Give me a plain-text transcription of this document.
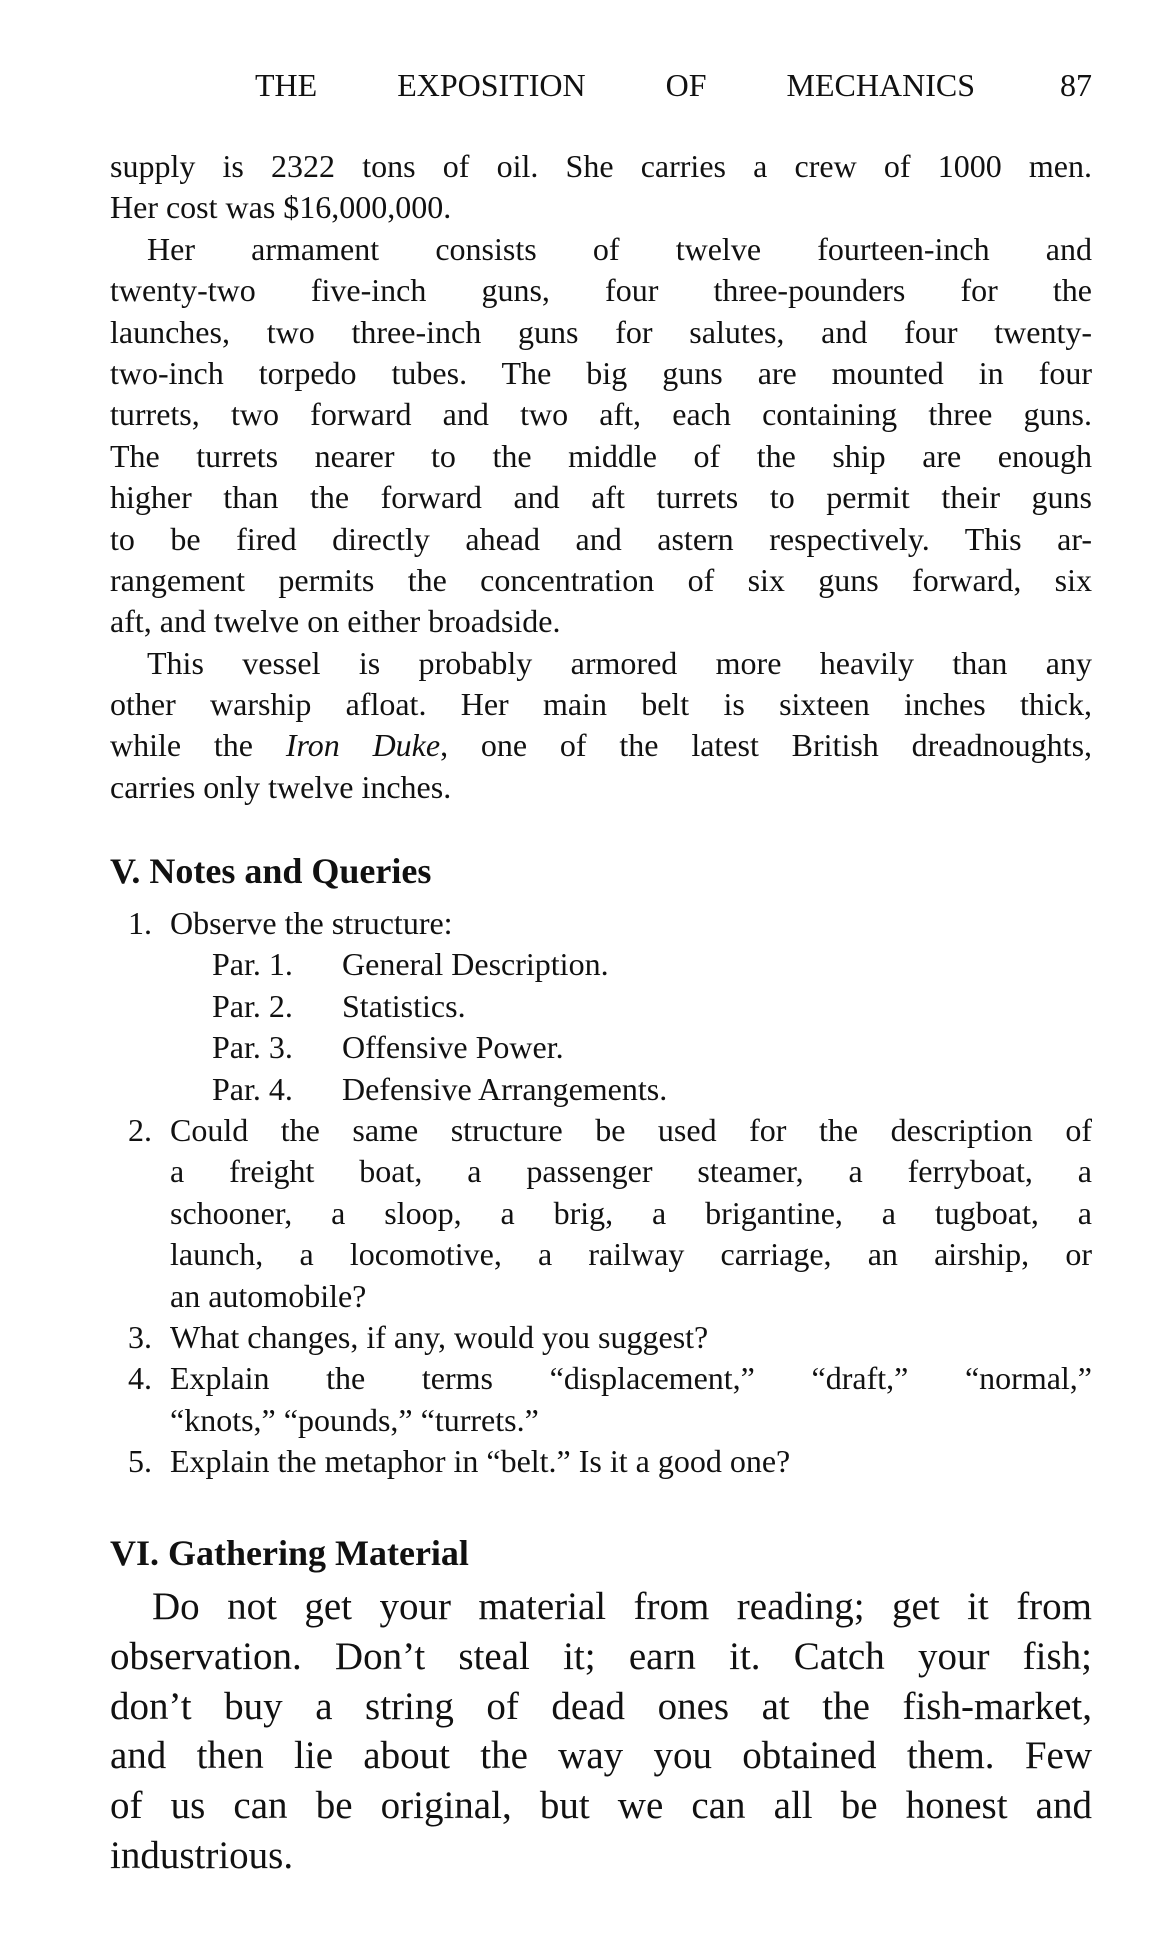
THE EXPOSITION OF MECHANICS	87
supply is 2322 tons of oil. She carries a crew of 1000 men.
Her cost was $16,000,000.
Her armament consists of twelve fourteen-inch and
twenty-two five-inch guns, four three-pounders for the
launches, two three-inch guns for salutes, and four twenty-
two-inch torpedo tubes. The big guns are mounted in four
turrets, two forward and two aft, each containing three guns.
The turrets nearer to the middle of the ship are enough
higher than the forward and aft turrets to permit their guns
to be fired directly ahead and astern respectively. This ar-
rangement permits the concentration of six guns forward, six
aft, and twelve on either broadside.
This vessel is probably armored more heavily than any
other warship afloat. Her main belt is sixteen inches thick,
while the Iron Duke, one of the latest British dreadnoughts,
carries only twelve inches.
V. Notes and Queries
1. Observe the structure:
Par. 1. General Description.
Par. 2. Statistics.
Par. 3. Offensive Power.
Par. 4. Defensive Arrangements.
2. Could the same structure be used for the description of
a freight boat, a passenger steamer, a ferryboat, a
schooner, a sloop, a brig, a brigantine, a tugboat, a
launch, a locomotive, a railway carriage, an airship, or
an automobile?
3. What changes, if any, would you suggest?
4. Explain the terms “displacement,” “draft,” “normal,”
“knots,” “pounds,” “turrets.”
5. Explain the metaphor in “belt.” Is it a good one?
VI. Gathering Material
Do not get your material from reading; get it from
observation. Don’t steal it; earn it. Catch your fish;
don’t buy a string of dead ones at the fish-market,
and then lie about the way you obtained them. Few
of us can be original, but we can all be honest and
industrious.
